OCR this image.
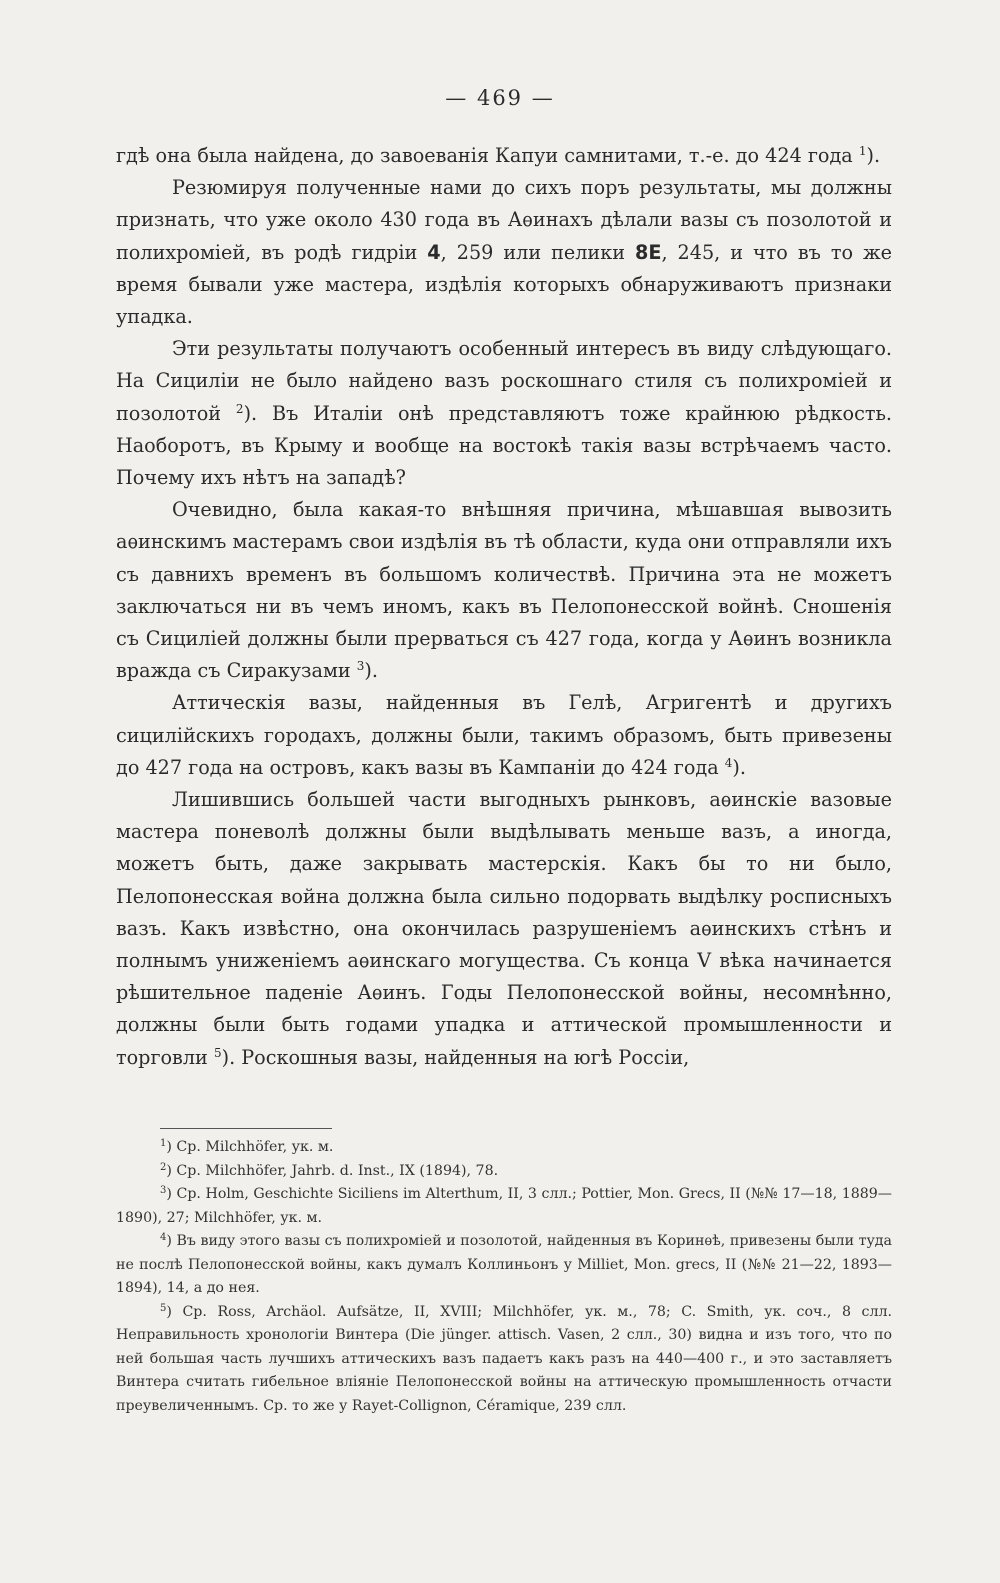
— 469 —

гдѣ она была найдена, до завоеванія Капуи самнитами, т.-е. до 424 года $^1$).

Резюмируя полученные нами до сихъ поръ результаты, мы должны признать, что уже около 430 года въ Аѳинахъ дѣлали вазы съ позолотой и полихроміей, въ родѣ гидріи 4, 259 или пелики 8E, 245, и что въ то же время бывали уже мастера, издѣлія которыхъ обнаруживаютъ признаки упадка.

Эти результаты получаютъ особенный интересъ въ виду слѣдующаго. На Сициліи не было найдено вазъ роскошнаго стиля съ полихроміей и позолотой $^2$). Въ Италіи онѣ представляютъ тоже крайнюю рѣдкость. Наоборотъ, въ Крыму и вообще на востокѣ такія вазы встрѣчаемъ часто. Почему ихъ нѣтъ на западѣ?

Очевидно, была какая-то внѣшняя причина, мѣшавшая вывозить аѳинскимъ мастерамъ свои издѣлія въ тѣ области, куда они отправляли ихъ съ давнихъ временъ въ большомъ количествѣ. Причина эта не можетъ заключаться ни въ чемъ иномъ, какъ въ Пелопонесской войнѣ. Сношенія съ Сициліей должны были прерваться съ 427 года, когда у Аѳинъ возникла вражда съ Сиракузами $^3$).

Аттическія вазы, найденныя въ Гелѣ, Агригентѣ и другихъ сицилійскихъ городахъ, должны были, такимъ образомъ, быть привезены до 427 года на островъ, какъ вазы въ Кампаніи до 424 года $^4$).

Лишившись большей части выгодныхъ рынковъ, аѳинскіе вазовые мастера поневолѣ должны были выдѣлывать меньше вазъ, а иногда, можетъ быть, даже закрывать мастерскія. Какъ бы то ни было, Пелопонесская война должна была сильно подорвать выдѣлку росписныхъ вазъ. Какъ извѣстно, она окончилась разрушеніемъ аѳинскихъ стѣнъ и полнымъ униженіемъ аѳинскаго могущества. Съ конца V вѣка начинается рѣшительное паденіе Аѳинъ. Годы Пелопонесской войны, несомнѣнно, должны были быть годами упадка и аттической промышленности и торговли $^5$). Роскошныя вазы, найденныя на югѣ Россіи,

$^1$) Ср. Milchhöfer, ук. м.

$^2$) Ср. Milchhöfer, Jahrb. d. Inst., IX (1894), 78.

$^3$) Ср. Holm, Geschichte Siciliens im Alterthum, II, 3 слл.; Pottier, Mon. Grecs, II (№№ 17—18, 1889—1890), 27; Milchhöfer, ук. м.

$^4$) Въ виду этого вазы съ полихроміей и позолотой, найденныя въ Коринѳѣ, привезены были туда не послѣ Пелопонесской войны, какъ думалъ Коллиньонъ у Milliet, Mon. grecs, II (№№ 21—22, 1893—1894), 14, а до нея.

$^5$) Ср. Ross, Archäol. Aufsätze, II, XVIII; Milchhöfer, ук. м., 78; C. Smith, ук. соч., 8 слл. Неправильность хронологіи Винтера (Die jünger. attisch. Vasen, 2 слл., 30) видна и изъ того, что по ней большая часть лучшихъ аттическихъ вазъ падаетъ какъ разъ на 440—400 г., и это заставляетъ Винтера считать гибельное вліяніе Пелопонесской войны на аттическую промышленность отчасти преувеличеннымъ. Ср. то же у Rayet-Collignon, Céramique, 239 слл.
